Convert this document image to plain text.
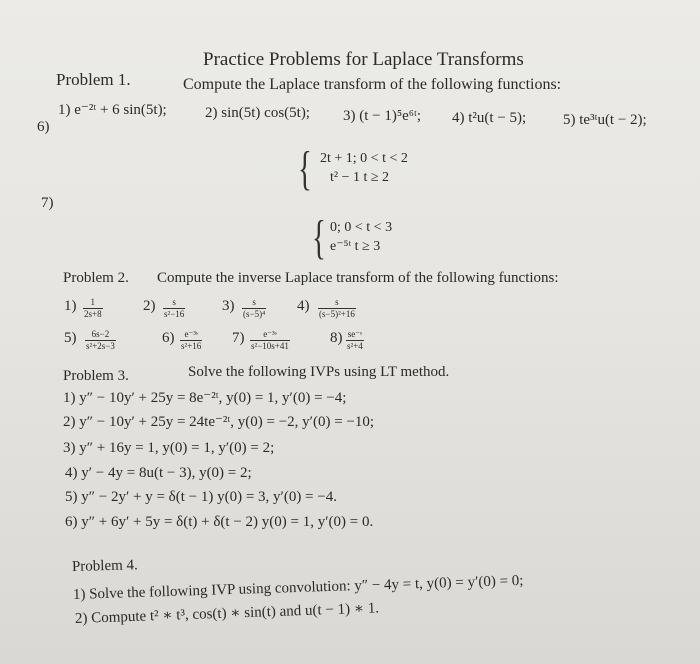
Practice Problems for Laplace Transforms
Problem 1.	Compute the Laplace transform of the following functions:
1) e⁻²ᵗ + 6 sin(5t);	2) sin(5t) cos(5t); 3) (t − 1)⁵e⁶ᵗ; 4) t²u(t − 5); 5) te³ᵗu(t − 2);
6)
{ 2t + 1; 0 < t < 2
t² − 1 t ≥ 2
7)
{ 0; 0 < t < 3
e⁻⁵ᵗ t ≥ 3
Problem 2. Compute the inverse Laplace transform of the following functions:
$1) \frac{1}{2s+8}$	$2) \frac{s}{\text{s²−16}} 3) \frac{s}{\text{(s−5)⁴}} 4) \frac{s}{\text{(s−5)²+16}}$
$5) \frac{6s-2}{\text{s²+2s−3}}$	$6) \frac{\text{e⁻³ˢ}}{\text{s²+16}} 7) \frac{\text{e⁻³ˢ}}{\text{s²−10s+41}}$	$8) \frac{\text{se⁻ˢ}}{\text{s²+4}}$
Problem 3.	Solve the following IVPs using LT method.
1) y″ − 10y′ + 25y = 8e⁻²ᵗ, y(0) = 1, y′(0) = −4;
2) y″ − 10y′ + 25y = 24te⁻²ᵗ, y(0) = −2, y′(0) = −10;
3) y″ + 16y = 1, y(0) = 1, y′(0) = 2;
4) y′ − 4y = 8u(t − 3), y(0) = 2;
5) y″ − 2y′ + y = δ(t − 1) y(0) = 3, y′(0) = −4.
6) y″ + 6y′ + 5y = δ(t) + δ(t − 2) y(0) = 1, y′(0) = 0.
Problem 4.
1) Solve the following IVP using convolution: y″ − 4y = t, y(0) = y′(0) = 0;
2) Compute t² ∗ t³, cos(t) ∗ sin(t) and u(t − 1) ∗ 1.
